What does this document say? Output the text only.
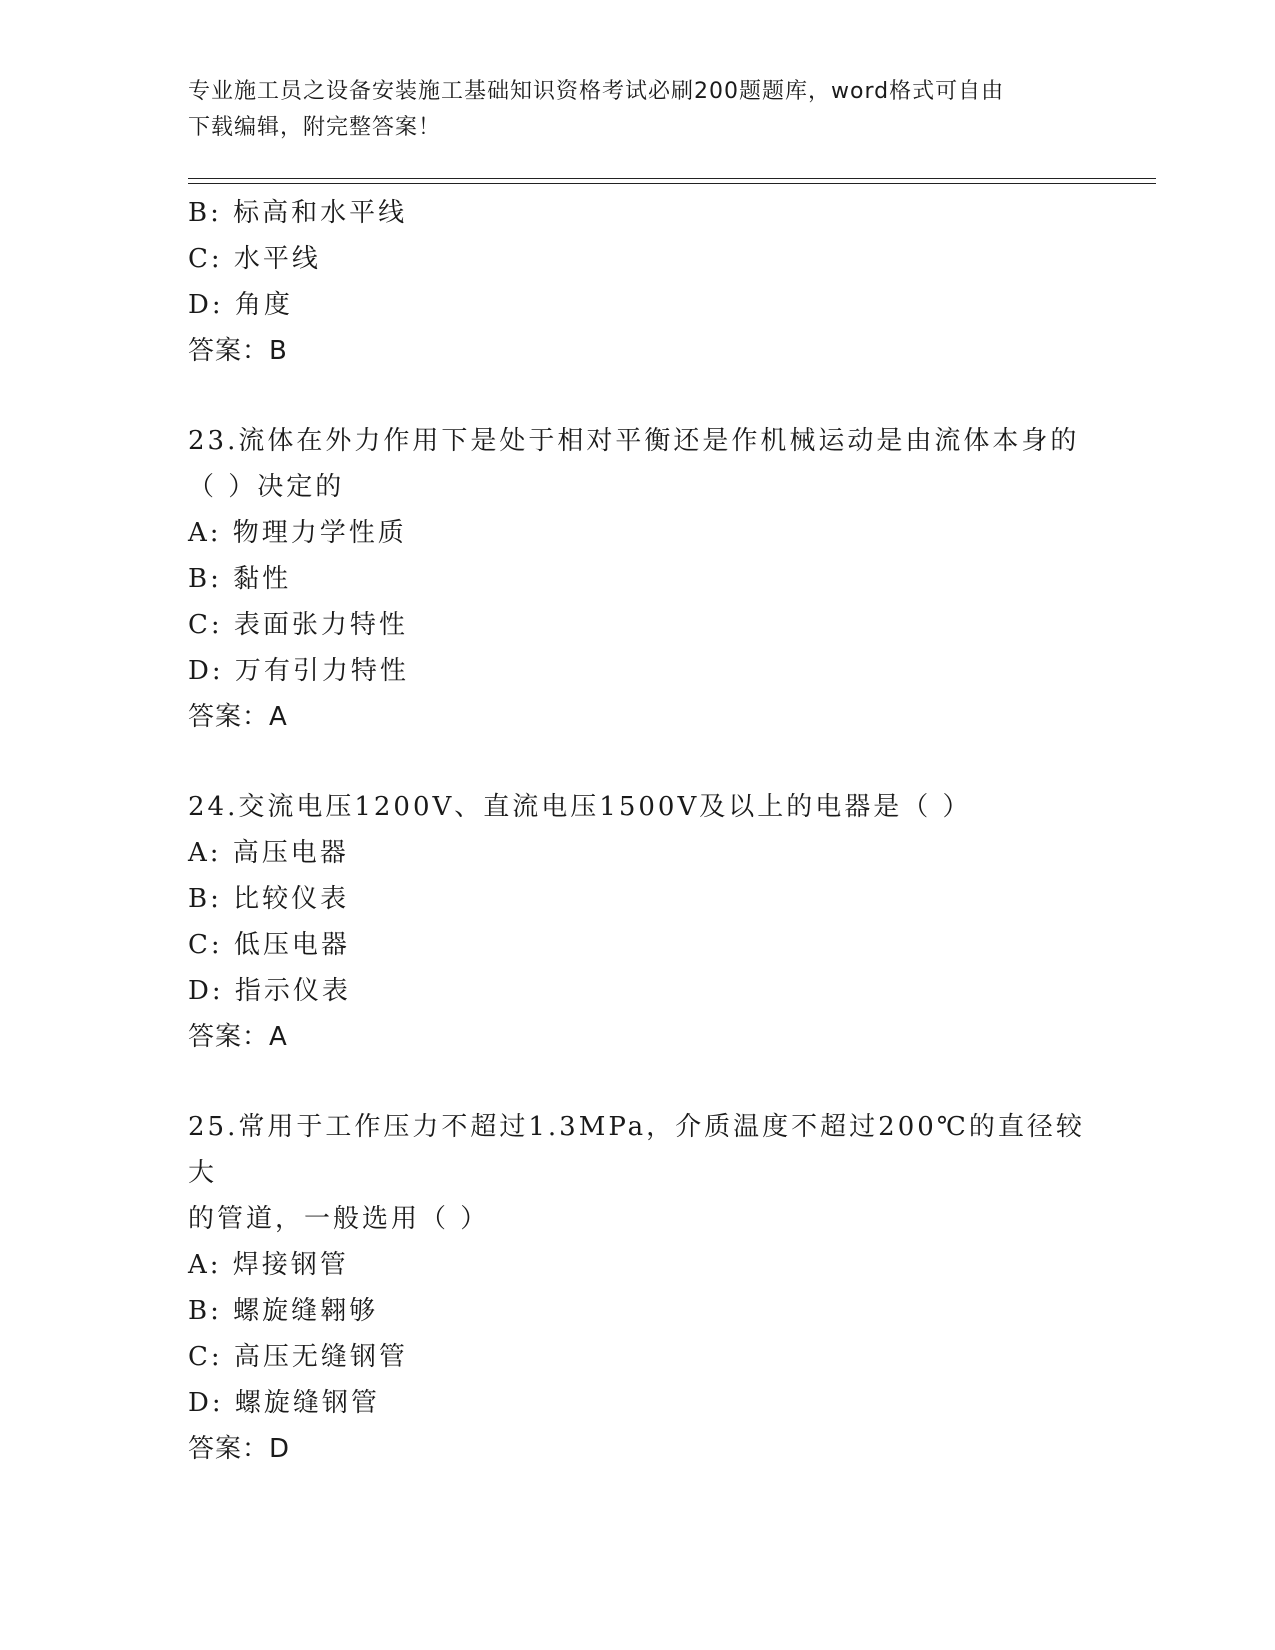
专业施工员之设备安装施工基础知识资格考试必刷200题题库，word格式可自由
下载编辑，附完整答案！
B: 标高和水平线
C: 水平线
D: 角度
答案：B
23.流体在外力作用下是处于相对平衡还是作机械运动是由流体本身的
（ ）决定的
A: 物理力学性质
B: 黏性
C: 表面张力特性
D: 万有引力特性
答案：A
24.交流电压1200V、直流电压1500V及以上的电器是（ ）
A: 高压电器
B: 比较仪表
C: 低压电器
D: 指示仪表
答案：A
25.常用于工作压力不超过1.3MPa，介质温度不超过200℃的直径较大
的管道，一般选用（ ）
A: 焊接钢管
B: 螺旋缝翱够
C: 高压无缝钢管
D: 螺旋缝钢管
答案：D
